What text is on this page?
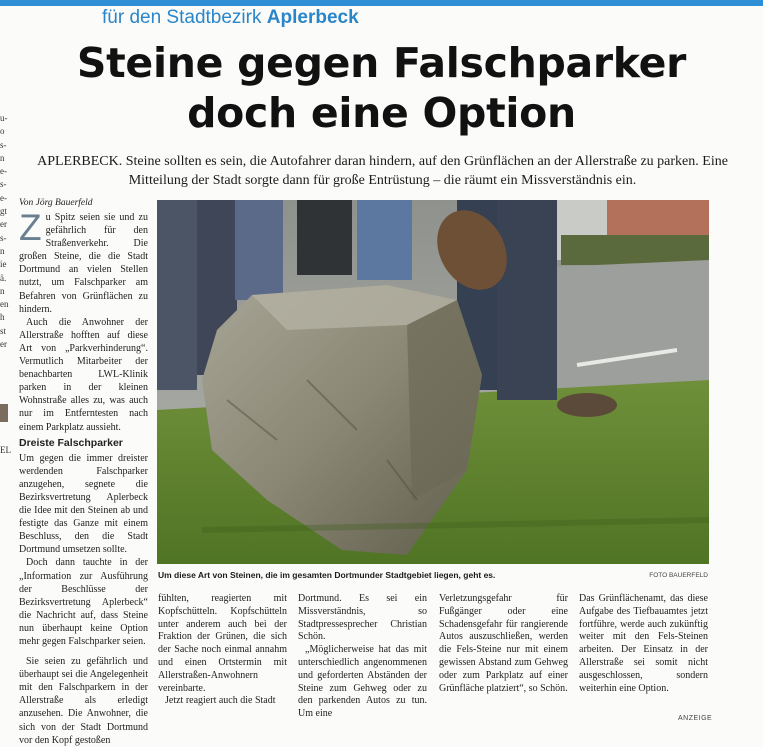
für den Stadtbezirk Aplerbeck
Steine gegen Falschparker
doch eine Option
APLERBECK. Steine sollten es sein, die Autofahrer daran hindern, auf den Grünflächen an der Allerstraße zu parken. Eine Mitteilung der Stadt sorgte dann für große Entrüstung – die räumt ein Missverständnis ein.
u-
o
s-
n
e-
s-
e-
gt
er
s-
n
ie
ä.
n
en
h
st
er
EL
Von Jörg Bauerfeld

Zu Spitz seien sie und zu gefährlich für den Straßenverkehr. Die großen Steine, die die Stadt Dortmund an vielen Stellen nutzt, um Falschparker am Befahren von Grünflächen zu hindern.

Auch die Anwohner der Allerstraße hofften auf diese Art von „Parkverhinderung“. Vermutlich Mitarbeiter der benachbarten LWL-Klinik parken in der kleinen Wohnstraße alles zu, was auch nur im Entferntesten nach einem Parkplatz aussieht.

Dreiste Falschparker

Um gegen die immer dreister werdenden Falschparker anzugehen, segnete die Bezirksvertretung Aplerbeck die Idee mit den Steinen ab und festigte das Ganze mit einem Beschluss, den die Stadt Dortmund umsetzen sollte.

Doch dann tauchte in der „Information zur Ausführung der Beschlüsse der Bezirksvertretung Aplerbeck“ die Nachricht auf, dass Steine nun überhaupt keine Option mehr gegen Falschparker seien.

Sie seien zu gefährlich und überhaupt sei die Angelegenheit mit den Falschparkern in der Allerstraße als erledigt anzusehen. Die Anwohner, die sich von der Stadt Dortmund vor den Kopf gestoßen

Um diese Art von Steinen, die im gesamten Dortmunder Stadtgebiet liegen, geht es.	FOTO BAUERFELD

fühlten, reagierten mit Kopfschütteln. Kopfschütteln unter anderem auch bei der Fraktion der Grünen, die sich der Sache noch einmal annahm und einen Ortstermin mit Allerstraßen-Anwohnern vereinbarte.

Jetzt reagiert auch die Stadt

Dortmund. Es sei ein Missverständnis, so Stadtpressesprecher Christian Schön.

„Möglicherweise hat das mit unterschiedlich angenommenen und geforderten Abständen der Steine zum Gehweg oder zu den parkenden Autos zu tun. Um eine

Verletzungsgefahr für Fußgänger oder eine Schadensgefahr für rangierende Autos auszuschließen, werden die Fels-Steine nur mit einem gewissen Abstand zum Gehweg oder zum Parkplatz auf einer Grünfläche platziert“, so Schön.

Das Grünflächenamt, das diese Aufgabe des Tiefbauamtes jetzt fortführe, werde auch zukünftig weiter mit den Fels-Steinen arbeiten. Der Einsatz in der Allerstraße sei somit nicht ausgeschlossen, sondern weiterhin eine Option.

ANZEIGE
